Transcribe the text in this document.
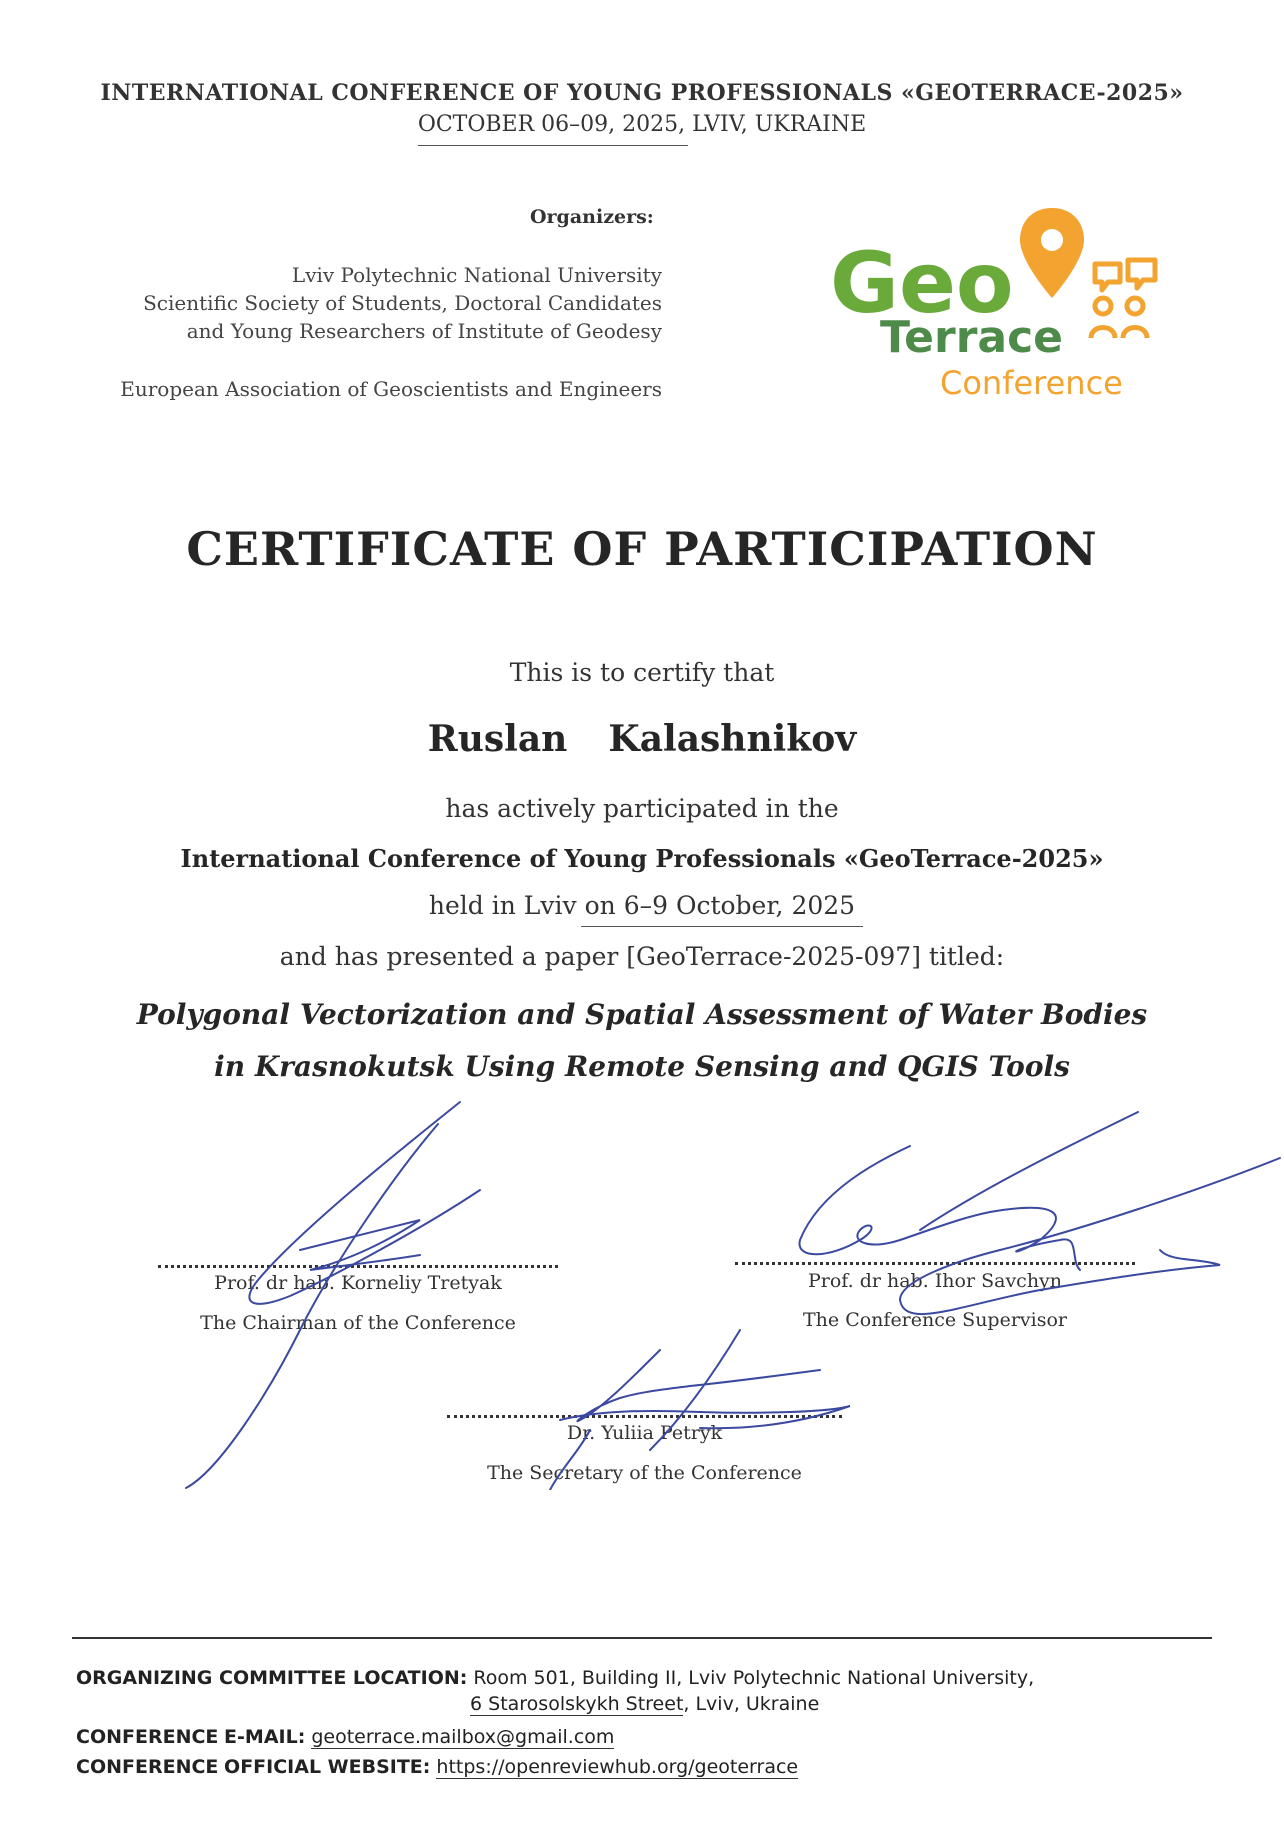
INTERNATIONAL CONFERENCE OF YOUNG PROFESSIONALS «GEOTERRACE-2025»
OCTOBER 06–09, 2025, LVIV, UKRAINE
Organizers:
Lviv Polytechnic National University
Scientific Society of Students, Doctoral Candidates
and Young Researchers of Institute of Geodesy
European Association of Geoscientists and Engineers
Geo
Terrace
Conference
CERTIFICATE OF PARTICIPATION
This is to certify that
Ruslan  Kalashnikov
has actively participated in the
International Conference of Young Professionals «GeoTerrace-2025»
held in Lviv on 6–9 October, 2025
and has presented a paper [GeoTerrace-2025-097] titled:
Polygonal Vectorization and Spatial Assessment of Water Bodies
in Krasnokutsk Using Remote Sensing and QGIS Tools
Prof. dr hab. Korneliy Tretyak
The Chairman of the Conference
Prof. dr hab. Ihor Savchyn
The Conference Supervisor
Dr. Yuliia Petryk
The Secretary of the Conference
ORGANIZING COMMITTEE LOCATION: Room 501, Building II, Lviv Polytechnic National University,
6 Starosolskykh Street, Lviv, Ukraine
CONFERENCE E-MAIL: geoterrace.mailbox@gmail.com
CONFERENCE OFFICIAL WEBSITE: https://openreviewhub.org/geoterrace
